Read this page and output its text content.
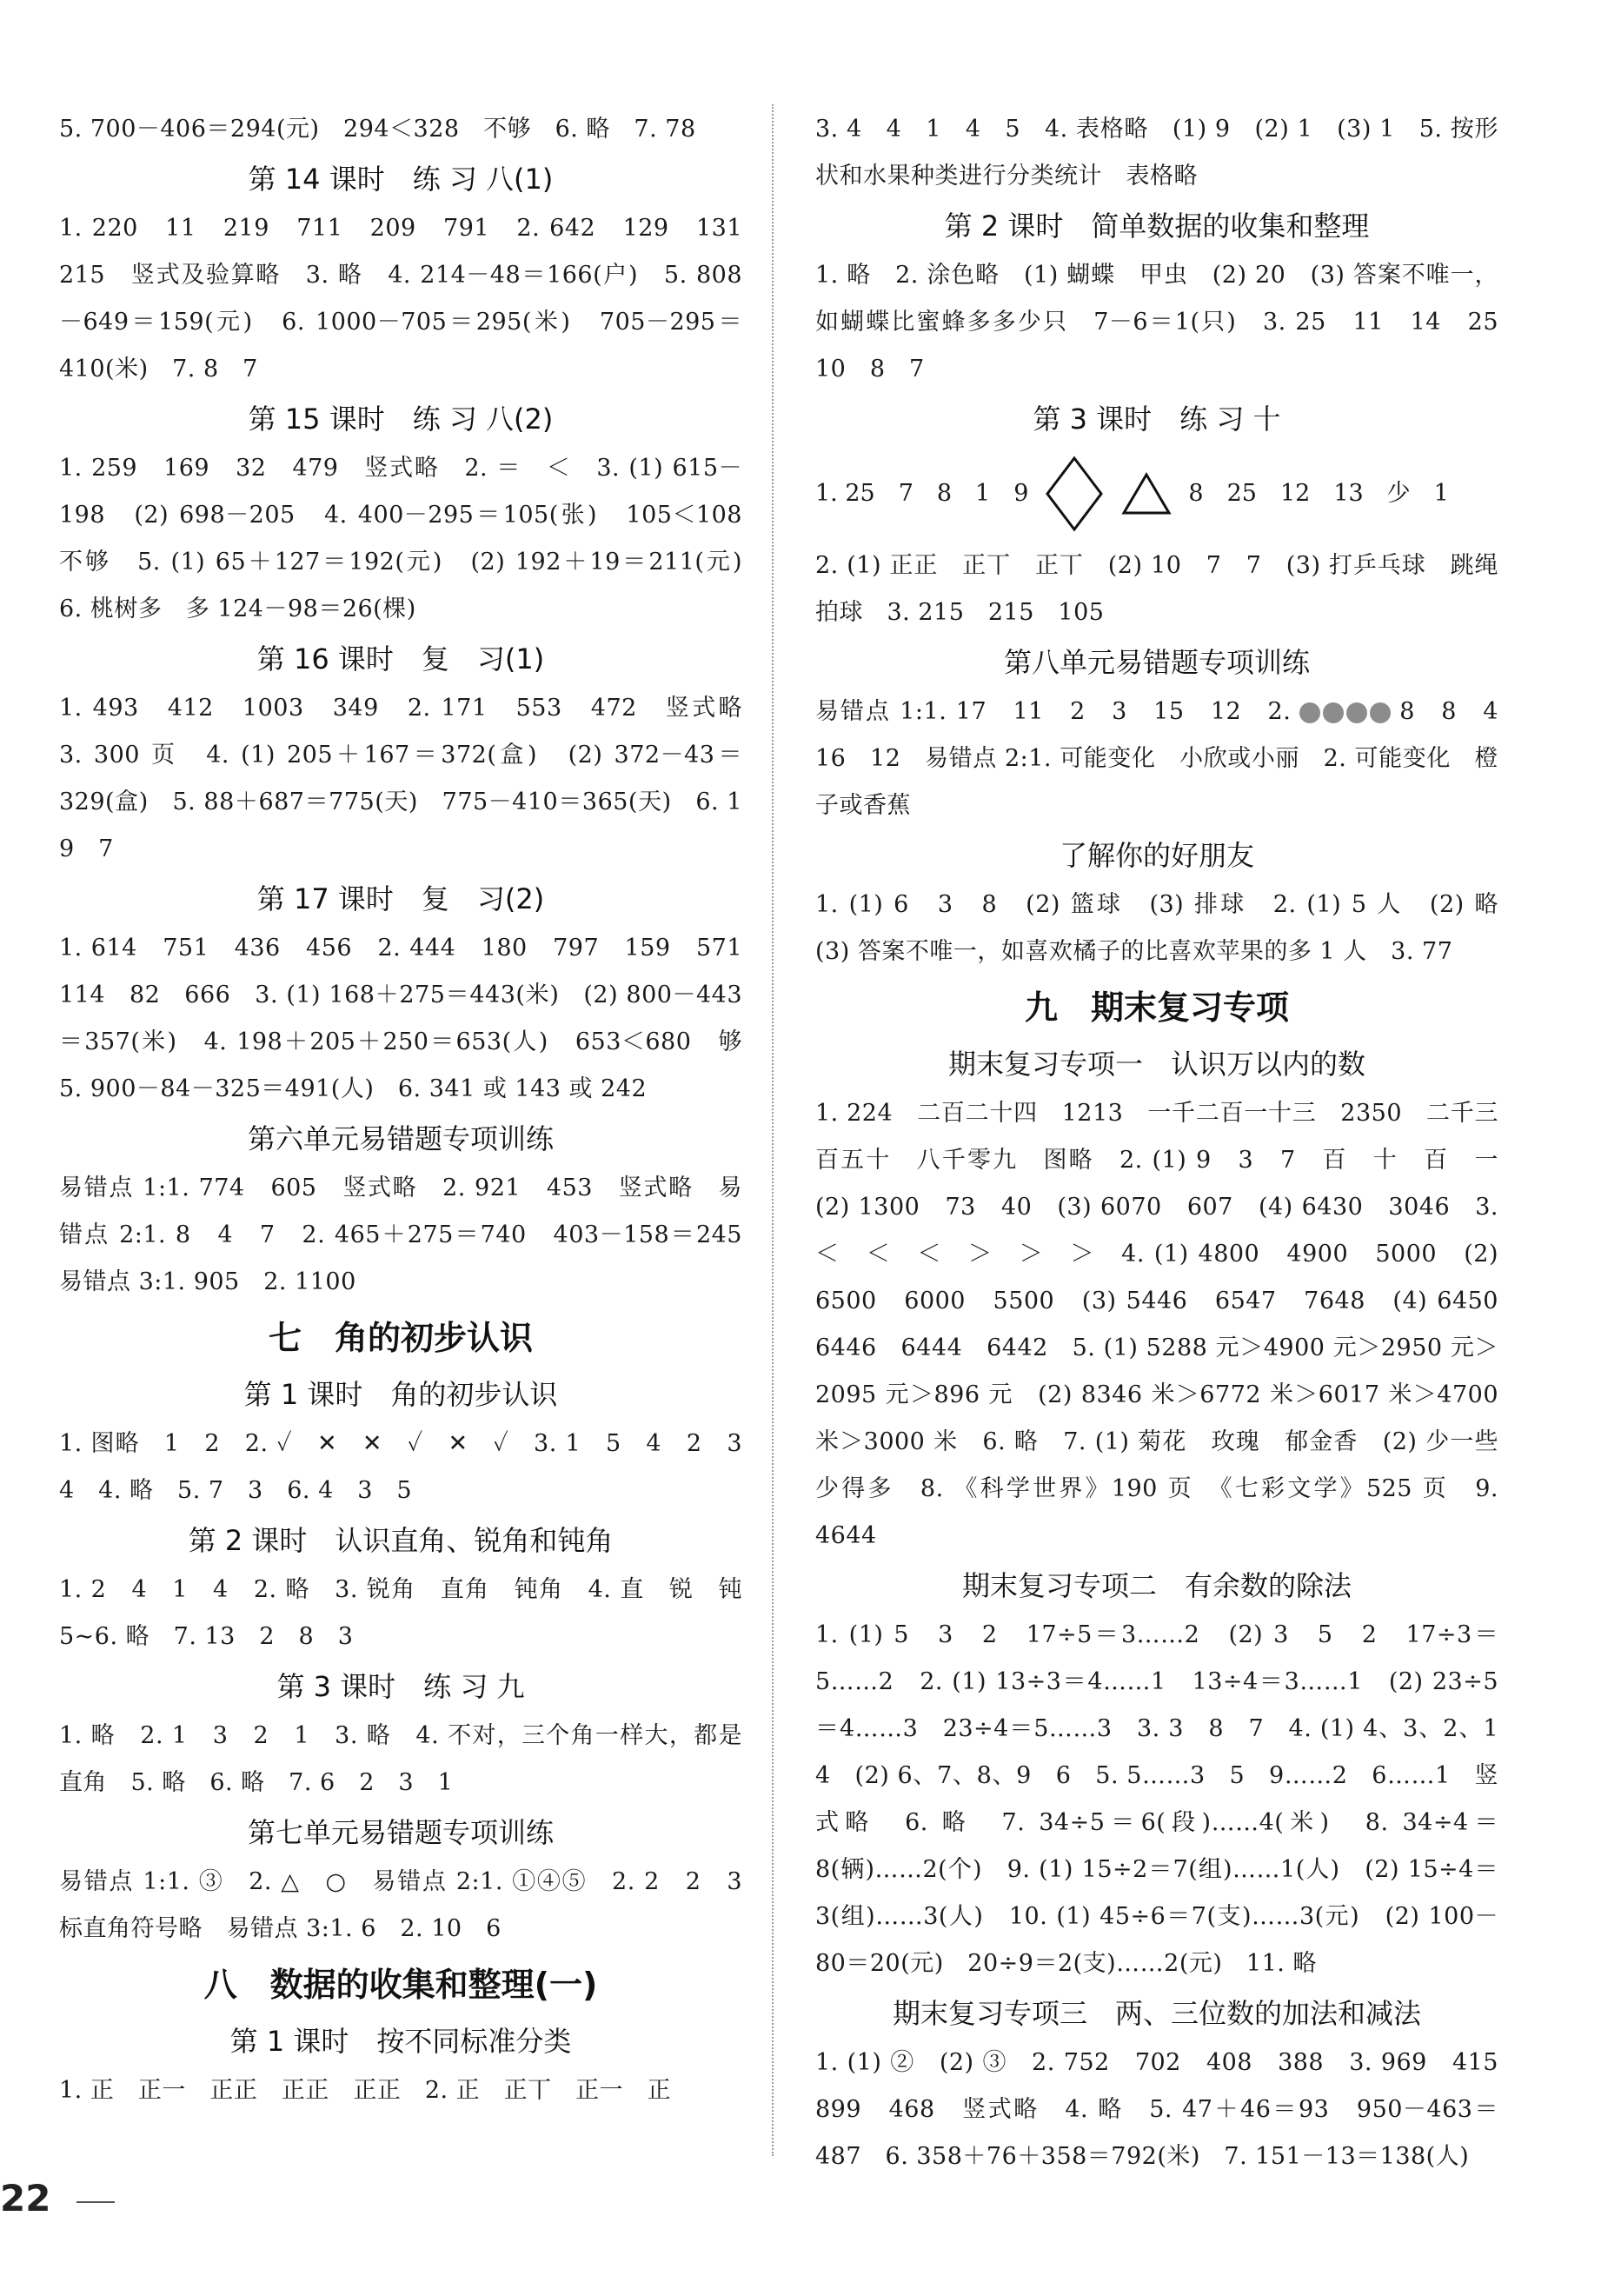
5. 700－406＝294(元)　294＜328　不够　6. 略　7. 78

第 14 课时　练 习 八(1)

1. 220　11　219　711　209　791　2. 642　129　131　215　竖式及验算略　3. 略　4. 214－48＝166(户)　5. 808－649＝159(元)　6. 1000－705＝295(米)　705－295＝410(米)　7. 8　7

第 15 课时　练 习 八(2)

1. 259　169　32　479　竖式略　2. ＝　＜　3. (1) 615－198　(2) 698－205　4. 400－295＝105(张)　105＜108　不够　5. (1) 65＋127＝192(元)　(2) 192＋19＝211(元)　6. 桃树多　多 124－98＝26(棵)

第 16 课时　复　习(1)

1. 493　412　1003　349　2. 171　553　472　竖式略　3. 300 页　4. (1) 205＋167＝372(盒)　(2) 372－43＝329(盒)　5. 88＋687＝775(天)　775－410＝365(天)　6. 1　9　7

第 17 课时　复　习(2)

1. 614　751　436　456　2. 444　180　797　159　571　114　82　666　3. (1) 168＋275＝443(米)　(2) 800－443＝357(米)　4. 198＋205＋250＝653(人)　653＜680　够　5. 900－84－325＝491(人)　6. 341 或 143 或 242

第六单元易错题专项训练

易错点 1:1. 774　605　竖式略　2. 921　453　竖式略　易错点 2:1. 8　4　7　2. 465＋275＝740　403－158＝245　易错点 3:1. 905　2. 1100

七　角的初步认识
第 1 课时　角的初步认识

1. 图略　1　2　2. ✓　✕　✕　✓　✕　✓　3. 1　5　4　2　3　4　4. 略　5. 7　3　6. 4　3　5

第 2 课时　认识直角、锐角和钝角

1. 2　4　1　4　2. 略　3. 锐角　直角　钝角　4. 直　锐　钝　5~6. 略　7. 13　2　8　3

第 3 课时　练 习 九

1. 略　2. 1　3　2　1　3. 略　4. 不对，三个角一样大，都是直角　5. 略　6. 略　7. 6　2　3　1

第七单元易错题专项训练

易错点 1:1. ③　2. △　○　易错点 2:1. ①④⑤　2. 2　2　3　标直角符号略　易错点 3:1. 6　2. 10　6

八　数据的收集和整理(一)
第 1 课时　按不同标准分类

1. 正　正一　正正　正正　正正　2. 正　正丅　正一　正

3. 4　4　1　4　5　4. 表格略　(1) 9　(2) 1　(3) 1　5. 按形状和水果种类进行分类统计　表格略

第 2 课时　简单数据的收集和整理

1. 略　2. 涂色略　(1) 蝴蝶　甲虫　(2) 20　(3) 答案不唯一，如蝴蝶比蜜蜂多多少只　7－6＝1(只)　3. 25　11　14　25　10　8　7

第 3 课时　练 习 十
1. 25　7　8　1　9	8　25　12　13　少　1

2. (1) 正正　正丅　正丅　(2) 10　7　7　(3) 打乒乓球　跳绳　拍球　3. 215　215　105

第八单元易错题专项训练

易错点 1:1. 17　11　2　3　15　12　2.	8　8　4　16　12　易错点 2:1. 可能变化　小欣或小丽　2. 可能变化　橙子或香蕉

了解你的好朋友

1. (1) 6　3　8　(2) 篮球　(3) 排球　2. (1) 5 人　(2) 略　(3) 答案不唯一，如喜欢橘子的比喜欢苹果的多 1 人　3. 77

九　期末复习专项
期末复习专项一　认识万以内的数

1. 224　二百二十四　1213　一千二百一十三　2350　二千三百五十　八千零九　图略　2. (1) 9　3　7　百　十　百　一　(2) 1300　73　40　(3) 6070　607　(4) 6430　3046　3. ＜　＜　＜　＞　＞　＞　4. (1) 4800　4900　5000　(2) 6500　6000　5500　(3) 5446　6547　7648　(4) 6450　6446　6444　6442　5. (1) 5288 元＞4900 元＞2950 元＞2095 元＞896 元　(2) 8346 米＞6772 米＞6017 米＞4700 米＞3000 米　6. 略　7. (1) 菊花　玫瑰　郁金香　(2) 少一些　少得多　8. 《科学世界》190 页　《七彩文学》525 页　9. 4644

期末复习专项二　有余数的除法

1. (1) 5　3　2　17÷5＝3……2　(2) 3　5　2　17÷3＝5……2　2. (1) 13÷3＝4……1　13÷4＝3……1　(2) 23÷5＝4……3　23÷4＝5……3　3. 3　8　7　4. (1) 4、3、2、1　4　(2) 6、7、8、9　6　5. 5……3　5　9……2　6……1　竖式略　6. 略　7. 34÷5＝6(段)……4(米)　8. 34÷4＝8(辆)……2(个)　9. (1) 15÷2＝7(组)……1(人)　(2) 15÷4＝3(组)……3(人)　10. (1) 45÷6＝7(支)……3(元)　(2) 100－80＝20(元)　20÷9＝2(支)……2(元)　11. 略

期末复习专项三　两、三位数的加法和减法

1. (1) ②　(2) ③　2. 752　702　408　388　3. 969　415　899　468　竖式略　4. 略　5. 47＋46＝93　950－463＝487　6. 358＋76＋358＝792(米)　7. 151－13＝138(人)

22
